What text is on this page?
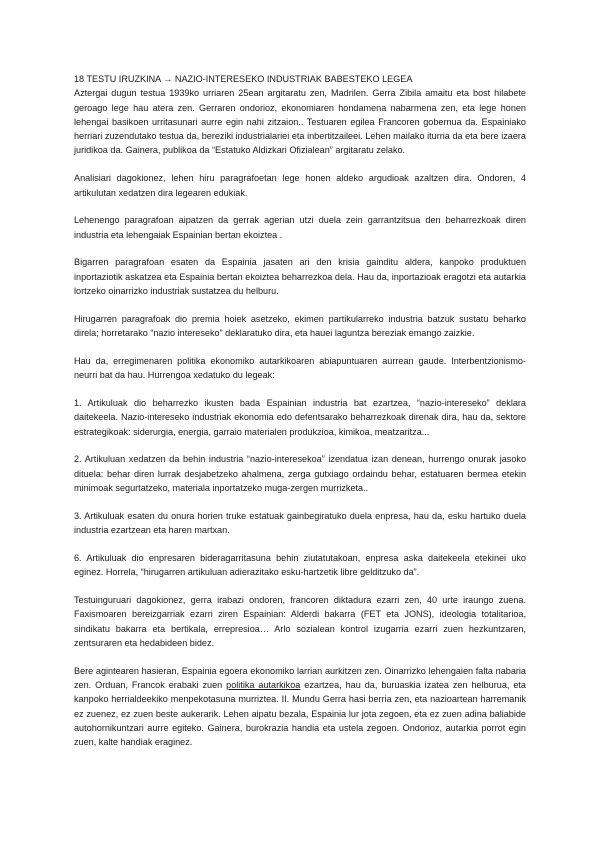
18 TESTU IRUZKINA → NAZIO-INTERESEKO INDUSTRIAK BABESTEKO LEGEA

Aztergai dugun testua 1939ko urriaren 25ean argitaratu zen, Madrilen. Gerra Zibila amaitu eta bost hilabete geroago lege hau atera zen. Gerraren ondorioz, ekonomiaren hondamena nabarmena zen, eta lege honen lehengai basikoen urritasunari aurre egin nahi zitzaion.. Testuaren egilea Francoren gobernua da. Espainiako herriari zuzendutako testua da, bereziki industrialariei eta inbertitzaileei. Lehen mailako iturria da eta bere izaera juridikoa da. Gainera, publikoa da “Estatuko Aldizkari Ofizialean” argitaratu zelako.

Analisiari dagokionez, lehen hiru paragrafoetan lege honen aldeko argudioak azaltzen dira. Ondoren, 4 artikulutan xedatzen dira legearen edukiak.

Lehenengo paragrafoan aipatzen da gerrak agerian utzi duela zein garrantzitsua den beharrezkoak diren industria eta lehengaiak Espainian bertan ekoiztea .

Bigarren paragrafoan esaten da Espainia jasaten ari den krisia gainditu aldera, kanpoko produktuen inportaziotik askatzea eta Espainia bertan ekoiztea beharrezkoa dela. Hau da, inportazioak eragotzi eta autarkia lortzeko oinarrizko industriak sustatzea du helburu.

Hirugarren paragrafoak dio premia hoiek asetzeko, ekimen partikularreko industria batzuk sustatu beharko direla; horretarako “nazio intereseko” deklaratuko dira, eta hauei laguntza bereziak emango zaizkie.

Hau da, erregimenaren politika ekonomiko autarkikoaren abiapuntuaren aurrean gaude. Interbentzionismo-neurri bat da hau. Hurrengoa xedatuko du legeak:

1. Artikuluak dio beharrezko ikusten bada Espainian industria bat ezartzea, “nazio-intereseko” deklara daitekeela. Nazio-intereseko industriak ekonomia edo defentsarako beharrezkoak direnak dira, hau da, sektore estrategikoak: siderurgia, energia, garraio materialen produkzioa, kimikoa, meatzaritza...

2. Artikuluan xedatzen da behin industria “nazio-interesekoa” izendatua izan denean, hurrengo onurak jasoko dituela: behar diren lurrak desjabetzeko ahalmena, zerga gutxiago ordaindu behar, estatuaren bermea etekin minimoak segurtatzeko, materiala inportatzeko muga-zergen murrizketa..

3. Artikuluak esaten du onura horien truke estatuak gainbegiratuko duela enpresa, hau da, esku hartuko duela industria ezartzean eta haren martxan.

6. Artikuluak dio enpresaren bideragarritasuna behin ziutatutakoan, enpresa aska daitekeela etekinei uko eginez. Horrela, “hirugarren artikuluan adierazitako esku-hartzetik libre gelditzuko da”.

Testuinguruari dagokionez, gerra irabazi ondoren, francoren diktadura ezarri zen, 40 urte iraungo zuena. Faxismoaren bereizgarriak ezarri ziren Espainian: Alderdi bakarra (FET eta JONS), ideologia totalitarioa, sindikatu bakarra eta bertikala, errepresioa… Arlo sozialean kontrol izugarria ezarri zuen hezkuntzaren, zentsuraren eta hedabideen bidez.

Bere agintearen hasieran, Espainia egoera ekonomiko larrian aurkitzen zen. Oinarrizko lehengaien falta nabaria zen. Orduan, Francok erabaki zuen politika autarkikoa ezartzea, hau da, buruaskia izatea zen helburua, eta kanpoko herrialdeekiko menpekotasuna murriztea. II. Mundu Gerra hasi berria zen, eta nazioartean harremanik ez zuenez, ez zuen beste aukerarik. Lehen aipatu bezala, Espainia lur jota zegoen, eta ez zuen adina baliabide autohornikuntzari aurre egiteko. Gainera, burokrazia handia eta ustela zegoen. Ondorioz, autarkia porrot egin zuen, kalte handiak eraginez.
